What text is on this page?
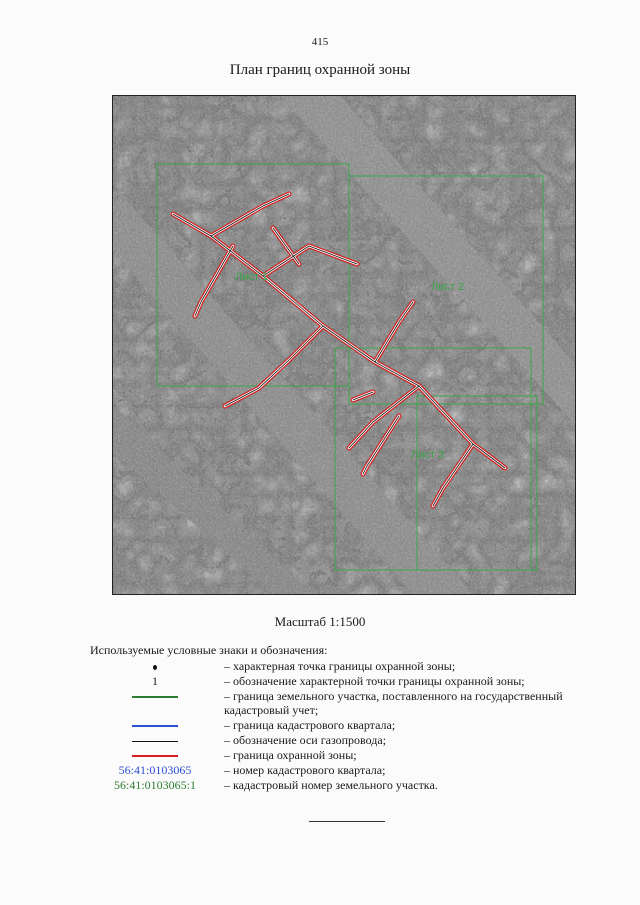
415
План границ охранной зоны
Лист 1
Лист 2
Лист 3
Масштаб 1:1500
Используемые условные знаки и обозначения:
– характерная точка границы охранной зоны;
1	– обозначение характерной точки границы охранной зоны;
– граница земельного участка, поставленного на государственный кадастровый учет;
– граница кадастрового квартала;
– обозначение оси газопровода;
– граница охранной зоны;
56:41:0103065	– номер кадастрового квартала;
56:41:0103065:1	– кадастровый номер земельного участка.
